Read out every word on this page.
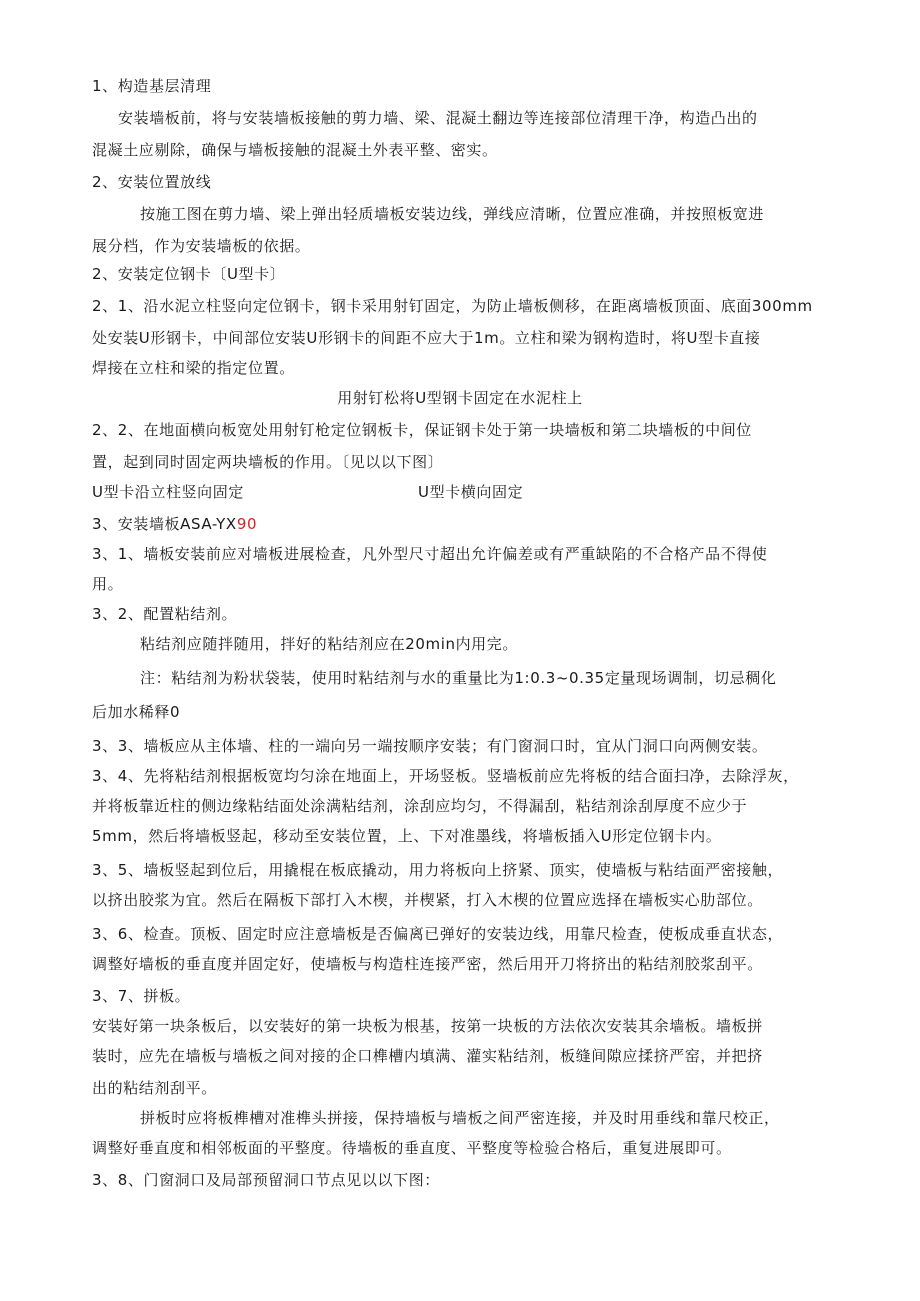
1、构造基层清理
安装墙板前，将与安装墙板接触的剪力墙、梁、混凝土翻边等连接部位清理干净，构造凸出的
混凝土应剔除，确保与墙板接触的混凝土外表平整、密实。
2、安装位置放线
按施工图在剪力墙、梁上弹出轻质墙板安装边线，弹线应清晰，位置应准确，并按照板宽进
展分档，作为安装墙板的依据。
2、安装定位钢卡〔U型卡〕
2、1、沿水泥立柱竖向定位钢卡，钢卡采用射钉固定，为防止墙板侧移，在距离墙板顶面、底面300mm
处安装U形钢卡，中间部位安装U形钢卡的间距不应大于1m。立柱和梁为钢构造时，将U型卡直接
焊接在立柱和梁的指定位置。
用射钉松将U型钢卡固定在水泥柱上
2、2、在地面横向板宽处用射钉枪定位钢板卡，保证钢卡处于第一块墙板和第二块墙板的中间位
置，起到同时固定两块墙板的作用。〔见以以下图〕
U型卡沿立柱竖向固定	U型卡横向固定
3、安装墙板ASA-YX90
3、1、墙板安装前应对墙板进展检查，凡外型尺寸超出允许偏差或有严重缺陷的不合格产品不得使
用。
3、2、配置粘结剂。
粘结剂应随拌随用，拌好的粘结剂应在20min内用完。
注：粘结剂为粉状袋装，使用时粘结剂与水的重量比为1:0.3~0.35定量现场调制，切忌稠化
后加水稀释0
3、3、墙板应从主体墙、柱的一端向另一端按顺序安装；有门窗洞口时，宜从门洞口向两侧安装。
3、4、先将粘结剂根据板宽均匀涂在地面上，开场竖板。竖墙板前应先将板的结合面扫净，去除浮灰，
并将板靠近柱的侧边缘粘结面处涂满粘结剂，涂刮应均匀，不得漏刮，粘结剂涂刮厚度不应少于
5mm，然后将墙板竖起，移动至安装位置，上、下对准墨线，将墙板插入U形定位钢卡内。
3、5、墙板竖起到位后，用撬棍在板底撬动，用力将板向上挤紧、顶实，使墙板与粘结面严密接触，
以挤出胶浆为宜。然后在隔板下部打入木楔，并楔紧，打入木楔的位置应选择在墙板实心肋部位。
3、6、检查。顶板、固定时应注意墙板是否偏离已弹好的安装边线，用靠尺检查，使板成垂直状态，
调整好墙板的垂直度并固定好，使墙板与构造柱连接严密，然后用开刀将挤出的粘结剂胶浆刮平。
3、7、拼板。
安装好第一块条板后，以安装好的第一块板为根基，按第一块板的方法依次安装其余墙板。墙板拼
装时，应先在墙板与墙板之间对接的企口榫槽内填满、灌实粘结剂，板缝间隙应揉挤严窑，并把挤
出的粘结剂刮平。
拼板时应将板榫槽对准榫头拼接，保持墙板与墙板之间严密连接，并及时用垂线和靠尺校正，
调整好垂直度和相邻板面的平整度。待墙板的垂直度、平整度等检验合格后，重复进展即可。
3、8、门窗洞口及局部预留洞口节点见以以下图：
